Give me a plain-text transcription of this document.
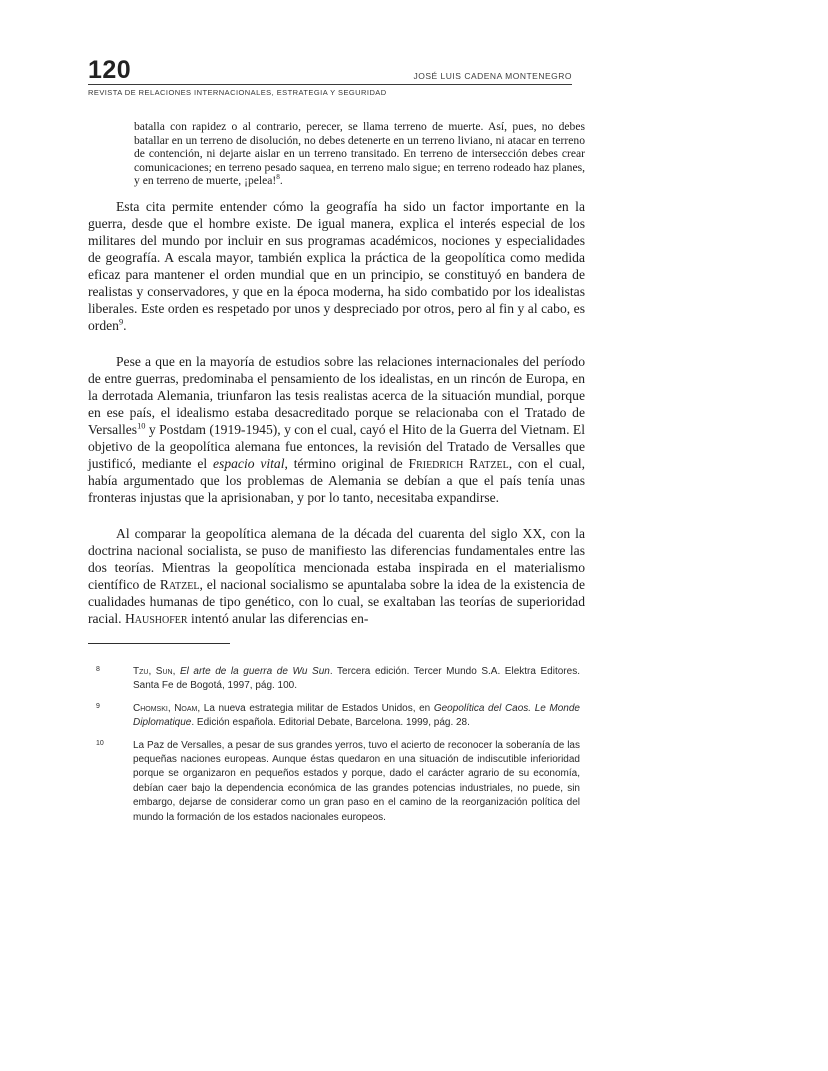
120	JOSÉ LUIS CADENA MONTENEGRO
REVISTA DE RELACIONES INTERNACIONALES, ESTRATEGIA Y SEGURIDAD
batalla con rapidez o al contrario, perecer, se llama terreno de muerte. Así, pues, no debes batallar en un terreno de disolución, no debes detenerte en un terreno liviano, ni atacar en terreno de contención, ni dejarte aislar en un terreno transitado. En terreno de intersección debes crear comunicaciones; en terreno pesado saquea, en terreno malo sigue; en terreno rodeado haz planes, y en terreno de muerte, ¡pelea!$^8$.

Esta cita permite entender cómo la geografía ha sido un factor importante en la guerra, desde que el hombre existe. De igual manera, explica el interés especial de los militares del mundo por incluir en sus programas académicos, nociones y especialidades de geografía. A escala mayor, también explica la práctica de la geopolítica como medida eficaz para mantener el orden mundial que en un principio, se constituyó en bandera de realistas y conservadores, y que en la época moderna, ha sido combatido por los idealistas liberales. Este orden es respetado por unos y despreciado por otros, pero al fin y al cabo, es orden$^9$.

Pese a que en la mayoría de estudios sobre las relaciones internacionales del período de entre guerras, predominaba el pensamiento de los idealistas, en un rincón de Europa, en la derrotada Alemania, triunfaron las tesis realistas acerca de la situación mundial, porque en ese país, el idealismo estaba desacreditado porque se relacionaba con el Tratado de Versalles$^{10}$ y Postdam (1919-1945), y con el cual, cayó el Hito de la Guerra del Vietnam. El objetivo de la geopolítica alemana fue entonces, la revisión del Tratado de Versalles que justificó, mediante el espacio vital, término original de Friedrich Ratzel, con el cual, había argumentado que los problemas de Alemania se debían a que el país tenía unas fronteras injustas que la aprisionaban, y por lo tanto, necesitaba expandirse.

Al comparar la geopolítica alemana de la década del cuarenta del siglo XX, con la doctrina nacional socialista, se puso de manifiesto las diferencias fundamentales entre las dos teorías. Mientras la geopolítica mencionada estaba inspirada en el materialismo científico de Ratzel, el nacional socialismo se apuntalaba sobre la idea de la existencia de cualidades humanas de tipo genético, con lo cual, se exaltaban las teorías de superioridad racial. Haushofer intentó anular las diferencias en-

8	Tzu, Sun, El arte de la guerra de Wu Sun. Tercera edición. Tercer Mundo S.A. Elektra Editores. Santa Fe de Bogotá, 1997, pág. 100.
9	Chomski, Noam, La nueva estrategia militar de Estados Unidos, en Geopolítica del Caos. Le Monde Diplomatique. Edición española. Editorial Debate, Barcelona. 1999, pág. 28.
10	La Paz de Versalles, a pesar de sus grandes yerros, tuvo el acierto de reconocer la soberanía de las pequeñas naciones europeas. Aunque éstas quedaron en una situación de indiscutible inferioridad porque se organizaron en pequeños estados y porque, dado el carácter agrario de su economía, debían caer bajo la dependencia económica de las grandes potencias industriales, no puede, sin embargo, dejarse de considerar como un gran paso en el camino de la reorganización política del mundo la formación de los estados nacionales europeos.
